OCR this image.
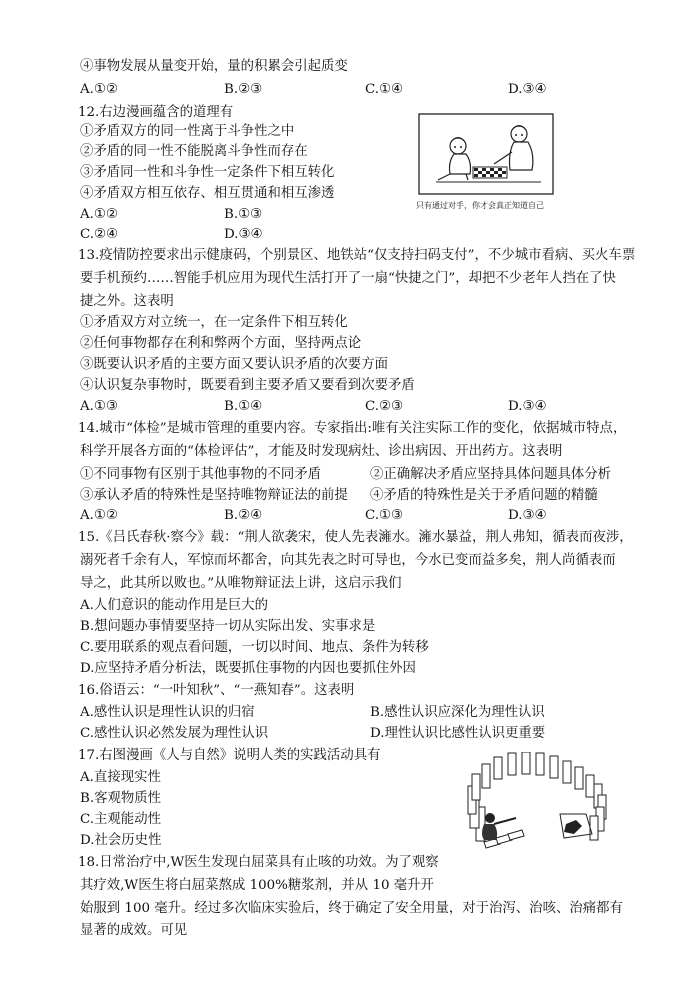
④事物发展从量变开始，量的积累会引起质变
A.①②	B.②③	C.①④	D.③④
12.右边漫画蕴含的道理有
①矛盾双方的同一性离于斗争性之中
②矛盾的同一性不能脱离斗争性而存在
③矛盾同一性和斗争性一定条件下相互转化
④矛盾双方相互依存、相互贯通和相互渗透
A.①②	B.①③
C.②④	D.③④
只有通过对手，你才会真正知道自己
13.疫情防控要求出示健康码，个别景区、地铁站“仅支持扫码支付”，不少城市看病、买火车票
要手机预约……智能手机应用为现代生活打开了一扇“快捷之门”，却把不少老年人挡在了快
捷之外。这表明
①矛盾双方对立统一，在一定条件下相互转化
②任何事物都存在利和弊两个方面，坚持两点论
③既要认识矛盾的主要方面又要认识矛盾的次要方面
④认识复杂事物时，既要看到主要矛盾又要看到次要矛盾
A.①③	B.①④	C.②③	D.③④
14.城市“体检”是城市管理的重要内容。专家指出:唯有关注实际工作的变化，依据城市特点，
科学开展各方面的“体检评估”，才能及时发现病灶、诊出病因、开出药方。这表明
①不同事物有区别于其他事物的不同矛盾	②正确解决矛盾应坚持具体问题具体分析
③承认矛盾的特殊性是坚持唯物辩证法的前提 ④矛盾的特殊性是关于矛盾问题的精髓
A.①②	B.②④	C.①③	D.③④
15.《吕氏春秋·察今》载：“荆人欲袭宋，使人先表澭水。澭水暴益，荆人弗知，循表而夜涉，
溺死者千余有人，军惊而坏都舍，向其先表之时可导也，今水已变而益多矣，荆人尚循表而
导之，此其所以败也。”从唯物辩证法上讲，这启示我们
A.人们意识的能动作用是巨大的
B.想问题办事情要坚持一切从实际出发、实事求是
C.要用联系的观点看问题，一切以时间、地点、条件为转移
D.应坚持矛盾分析法，既要抓住事物的内因也要抓住外因
16.俗语云：“一叶知秋”、“一燕知春”。这表明
A.感性认识是理性认识的归宿	B.感性认识应深化为理性认识
C.感性认识必然发展为理性认识	D.理性认识比感性认识更重要
17.右图漫画《人与自然》说明人类的实践活动具有
A.直接现实性
B.客观物质性
C.主观能动性
D.社会历史性
18.日常治疗中,W医生发现白屈菜具有止咳的功效。为了观察
其疗效,W医生将白屈菜熬成 100%糖浆剂，并从 10 毫升开
始服到 100 毫升。经过多次临床实验后，终于确定了安全用量，对于治泻、治咳、治痛都有
显著的成效。可见
